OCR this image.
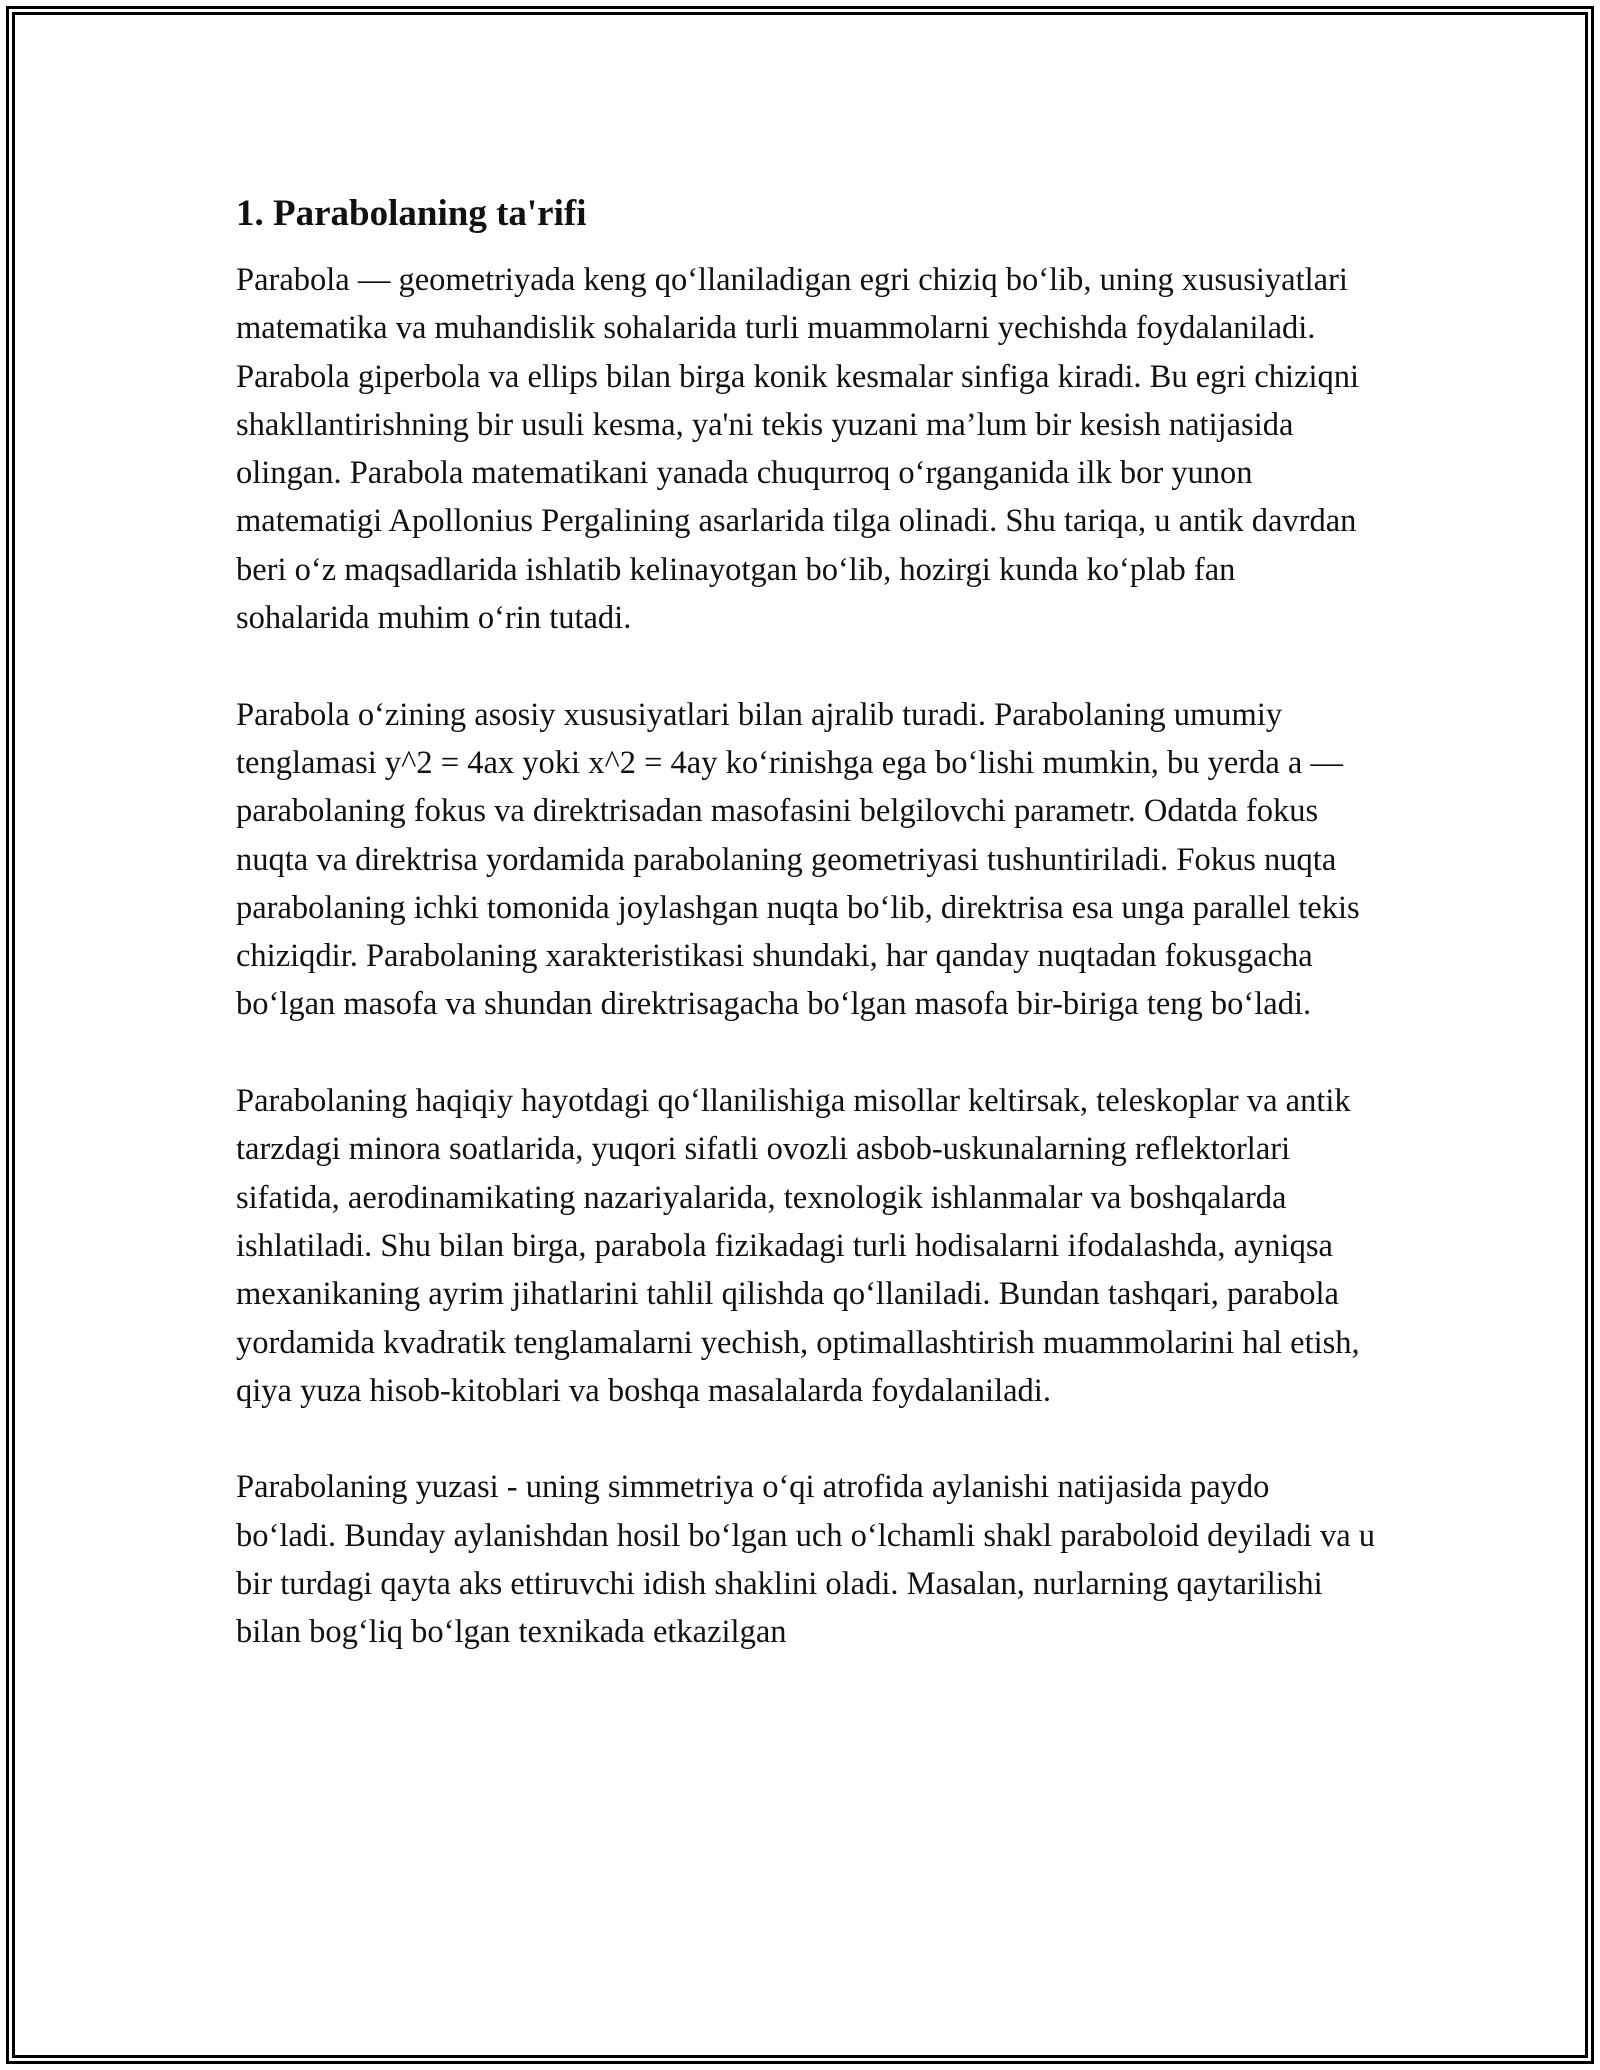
1. Parabolaning ta'rifi

Parabola — geometriyada keng qo‘llaniladigan egri chiziq bo‘lib, uning xususiyatlari matematika va muhandislik sohalarida turli muammolarni yechishda foydalaniladi. Parabola giperbola va ellips bilan birga konik kesmalar sinfiga kiradi. Bu egri chiziqni shakllantirishning bir usuli kesma, ya'ni tekis yuzani ma’lum bir kesish natijasida olingan. Parabola matematikani yanada chuqurroq o‘rganganida ilk bor yunon matematigi Apollonius Pergalining asarlarida tilga olinadi. Shu tariqa, u antik davrdan beri o‘z maqsadlarida ishlatib kelinayotgan bo‘lib, hozirgi kunda ko‘plab fan sohalarida muhim o‘rin tutadi.

Parabola o‘zining asosiy xususiyatlari bilan ajralib turadi. Parabolaning umumiy tenglamasi y^2 = 4ax yoki x^2 = 4ay ko‘rinishga ega bo‘lishi mumkin, bu yerda a — parabolaning fokus va direktrisadan masofasini belgilovchi parametr. Odatda fokus nuqta va direktrisa yordamida parabolaning geometriyasi tushuntiriladi. Fokus nuqta parabolaning ichki tomonida joylashgan nuqta bo‘lib, direktrisa esa unga parallel tekis chiziqdir. Parabolaning xarakteristikasi shundaki, har qanday nuqtadan fokusgacha bo‘lgan masofa va shundan direktrisagacha bo‘lgan masofa bir-biriga teng bo‘ladi.

Parabolaning haqiqiy hayotdagi qo‘llanilishiga misollar keltirsak, teleskoplar va antik tarzdagi minora soatlarida, yuqori sifatli ovozli asbob-uskunalarning reflektorlari sifatida, aerodinamikating nazariyalarida, texnologik ishlanmalar va boshqalarda ishlatiladi. Shu bilan birga, parabola fizikadagi turli hodisalarni ifodalashda, ayniqsa mexanikaning ayrim jihatlarini tahlil qilishda qo‘llaniladi. Bundan tashqari, parabola yordamida kvadratik tenglamalarni yechish, optimallashtirish muammolarini hal etish, qiya yuza hisob-kitoblari va boshqa masalalarda foydalaniladi.

Parabolaning yuzasi - uning simmetriya o‘qi atrofida aylanishi natijasida paydo bo‘ladi. Bunday aylanishdan hosil bo‘lgan uch o‘lchamli shakl paraboloid deyiladi va u bir turdagi qayta aks ettiruvchi idish shaklini oladi. Masalan, nurlarning qaytarilishi bilan bog‘liq bo‘lgan texnikada etkazilgan
